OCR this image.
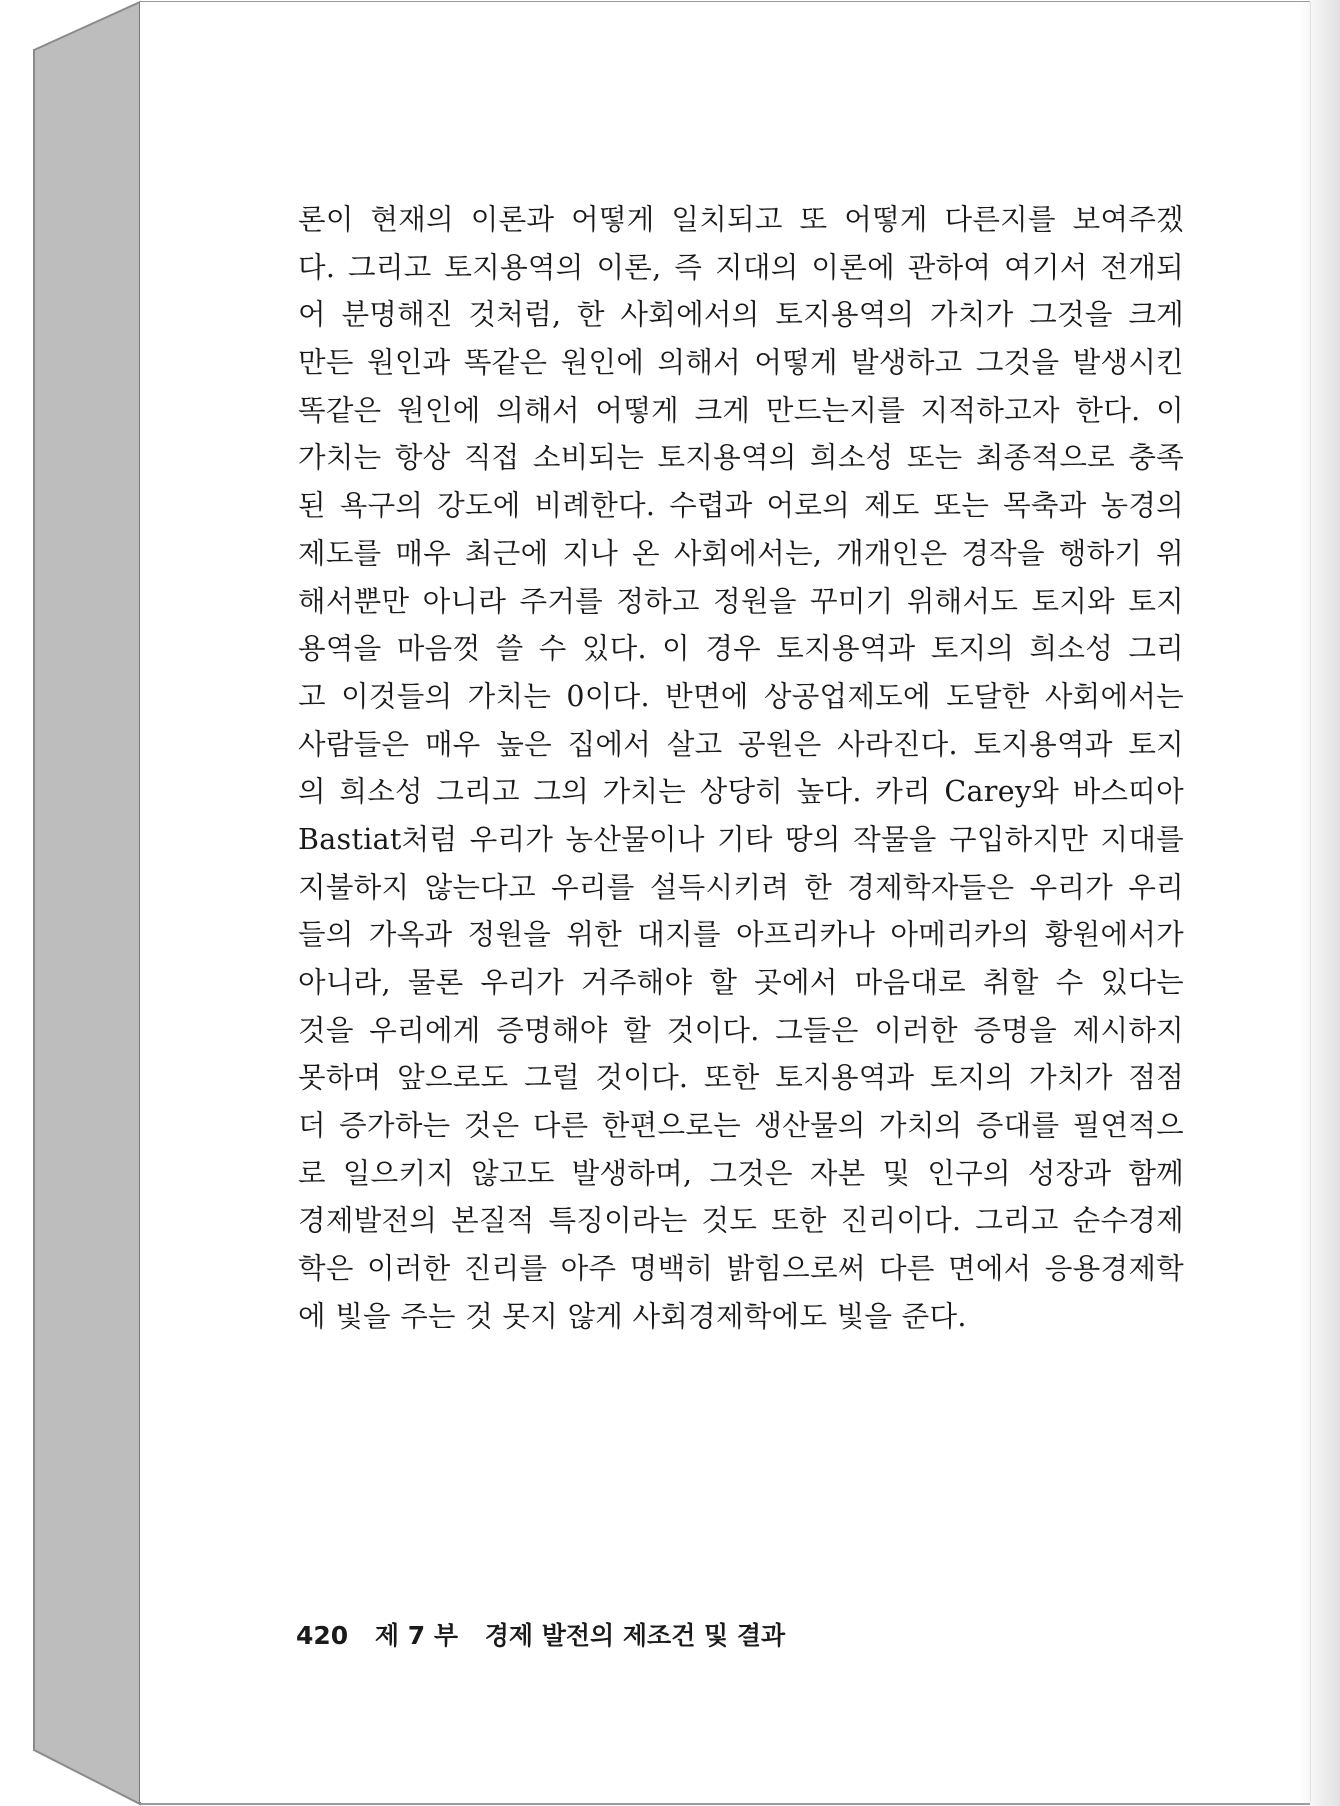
론이 현재의 이론과 어떻게 일치되고 또 어떻게 다른지를 보여주겠
다. 그리고 토지용역의 이론, 즉 지대의 이론에 관하여 여기서 전개되
어 분명해진 것처럼, 한 사회에서의 토지용역의 가치가 그것을 크게
만든 원인과 똑같은 원인에 의해서 어떻게 발생하고 그것을 발생시킨
똑같은 원인에 의해서 어떻게 크게 만드는지를 지적하고자 한다. 이
가치는 항상 직접 소비되는 토지용역의 희소성 또는 최종적으로 충족
된 욕구의 강도에 비례한다. 수렵과 어로의 제도 또는 목축과 농경의
제도를 매우 최근에 지나 온 사회에서는, 개개인은 경작을 행하기 위
해서뿐만 아니라 주거를 정하고 정원을 꾸미기 위해서도 토지와 토지
용역을 마음껏 쓸 수 있다. 이 경우 토지용역과 토지의 희소성 그리
고 이것들의 가치는 0이다. 반면에 상공업제도에 도달한 사회에서는
사람들은 매우 높은 집에서 살고 공원은 사라진다. 토지용역과 토지
의 희소성 그리고 그의 가치는 상당히 높다. 카리 Carey와 바스띠아
Bastiat처럼 우리가 농산물이나 기타 땅의 작물을 구입하지만 지대를
지불하지 않는다고 우리를 설득시키려 한 경제학자들은 우리가 우리
들의 가옥과 정원을 위한 대지를 아프리카나 아메리카의 황원에서가
아니라, 물론 우리가 거주해야 할 곳에서 마음대로 취할 수 있다는
것을 우리에게 증명해야 할 것이다. 그들은 이러한 증명을 제시하지
못하며 앞으로도 그럴 것이다. 또한 토지용역과 토지의 가치가 점점
더 증가하는 것은 다른 한편으로는 생산물의 가치의 증대를 필연적으
로 일으키지 않고도 발생하며, 그것은 자본 및 인구의 성장과 함께
경제발전의 본질적 특징이라는 것도 또한 진리이다. 그리고 순수경제
학은 이러한 진리를 아주 명백히 밝힘으로써 다른 면에서 응용경제학
에 빛을 주는 것 못지 않게 사회경제학에도 빛을 준다.
420 제 7 부 경제 발전의 제조건 및 결과
